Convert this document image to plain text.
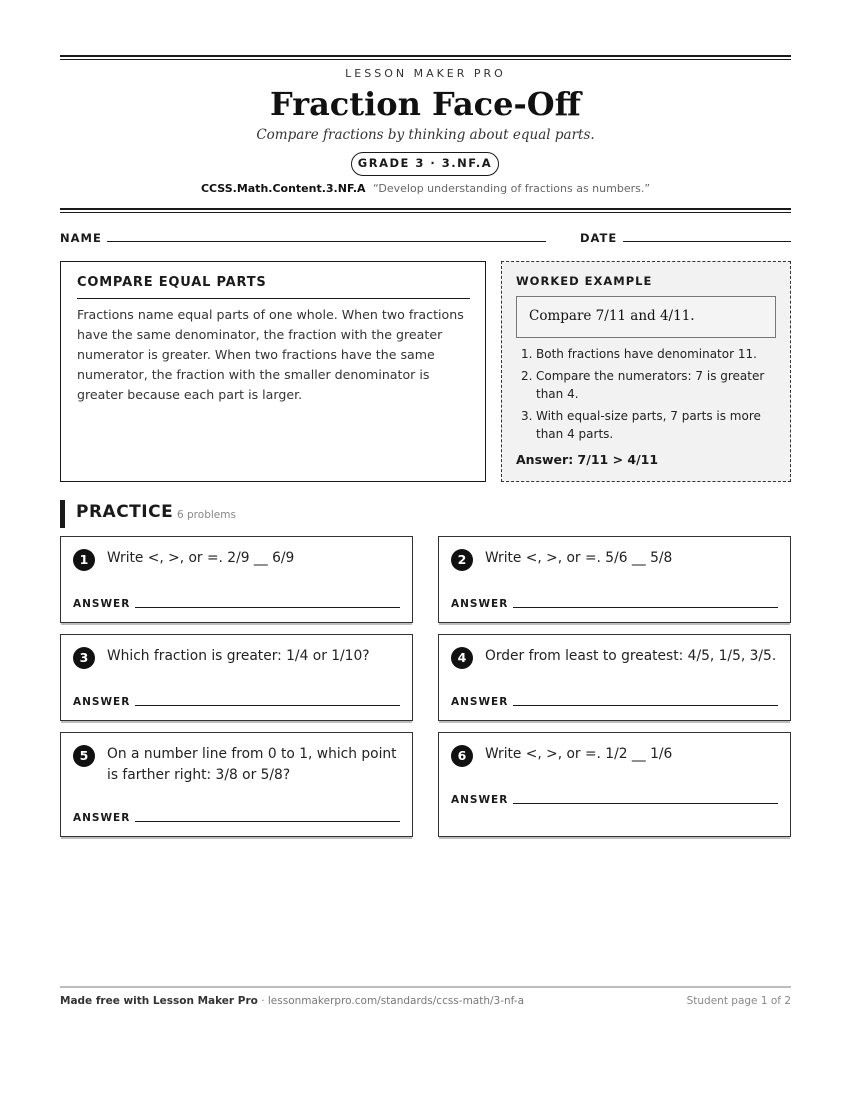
LESSON MAKER PRO
Fraction Face-Off
Compare fractions by thinking about equal parts.
GRADE 3 · 3.NF.A
CCSS.Math.Content.3.NF.A “Develop understanding of fractions as numbers.”
NAME	DATE
COMPARE EQUAL PARTS
Fractions name equal parts of one whole. When two fractions have the same denominator, the fraction with the greater numerator is greater. When two fractions have the same numerator, the fraction with the smaller denominator is greater because each part is larger.
WORKED EXAMPLE
Compare 7/11 and 4/11.
1. Both fractions have denominator 11.
2. Compare the numerators: 7 is greater than 4.
3. With equal-size parts, 7 parts is more than 4 parts.
Answer: 7/11 > 4/11
PRACTICE 6 problems
1	Write <, >, or =. 2/9 __ 6/9
ANSWER
2	Write <, >, or =. 5/6 __ 5/8
ANSWER
3	Which fraction is greater: 1/4 or 1/10?
ANSWER
4	Order from least to greatest: 4/5, 1/5, 3/5.
ANSWER
5	On a number line from 0 to 1, which point is farther right: 3/8 or 5/8?
ANSWER
6	Write <, >, or =. 1/2 __ 1/6
ANSWER
Made free with Lesson Maker Pro · lessonmakerpro.com/standards/ccss-math/3-nf-a	Student page 1 of 2
